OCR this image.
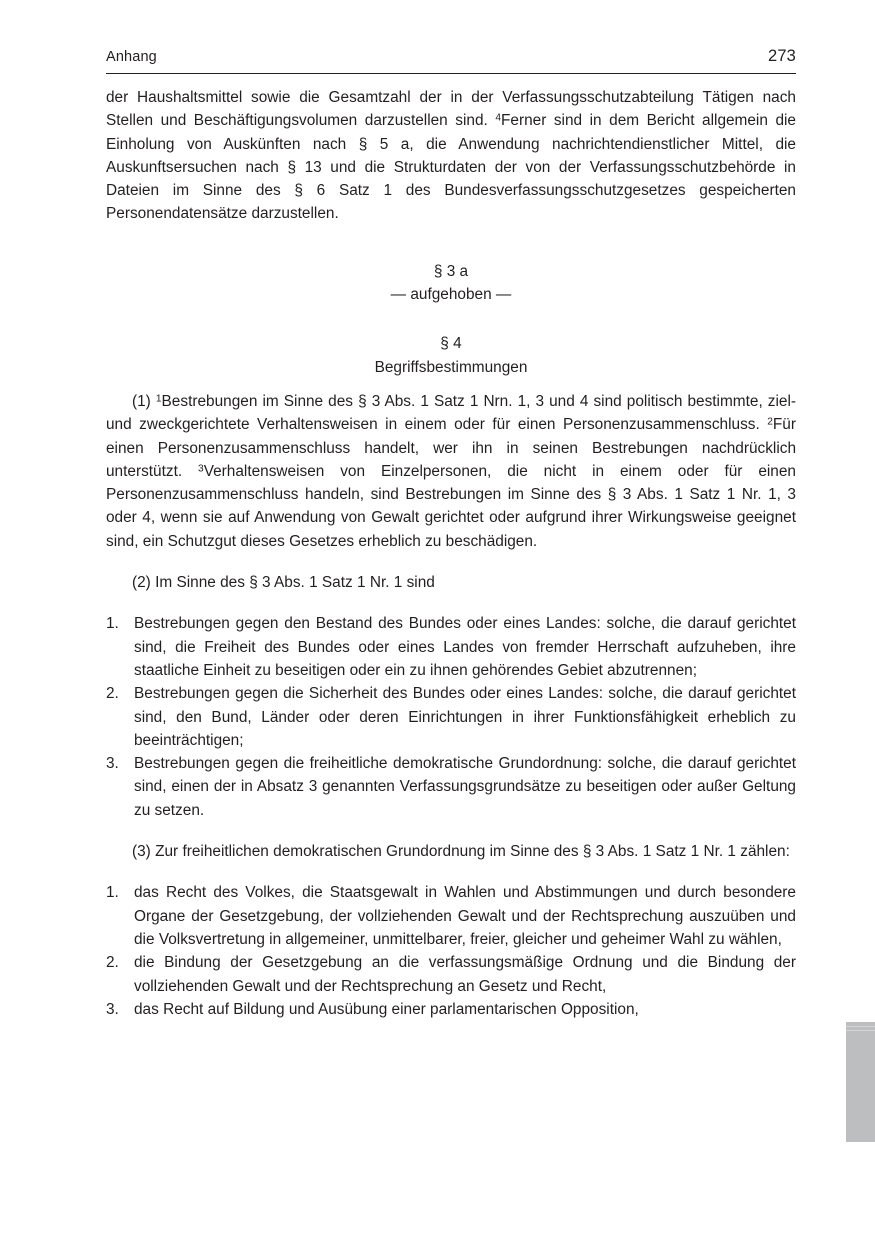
Anhang	273

der Haushaltsmittel sowie die Gesamtzahl der in der Verfassungsschutzabteilung Tätigen nach Stellen und Beschäftigungsvolumen darzustellen sind. $^4$Ferner sind in dem Bericht allgemein die Einholung von Auskünften nach § 5 a, die Anwendung nachrichtendienstlicher Mittel, die Auskunftsersuchen nach § 13 und die Strukturdaten der von der Verfassungsschutzbehörde in Dateien im Sinne des § 6 Satz 1 des Bundesverfassungsschutzgesetzes gespeicherten Personendatensätze darzustellen.

§ 3 a

— aufgehoben —

§ 4

Begriffsbestimmungen

(1) $^1$Bestrebungen im Sinne des § 3 Abs. 1 Satz 1 Nrn. 1, 3 und 4 sind politisch bestimmte, ziel- und zweckgerichtete Verhaltensweisen in einem oder für einen Personenzusammenschluss. $^2$Für einen Personenzusammenschluss handelt, wer ihn in seinen Bestrebungen nachdrücklich unterstützt. $^3$Verhaltensweisen von Einzelpersonen, die nicht in einem oder für einen Personenzusammenschluss handeln, sind Bestrebungen im Sinne des § 3 Abs. 1 Satz 1 Nr. 1, 3 oder 4, wenn sie auf Anwendung von Gewalt gerichtet oder aufgrund ihrer Wirkungsweise geeignet sind, ein Schutzgut dieses Gesetzes erheblich zu beschädigen.

(2) Im Sinne des § 3 Abs. 1 Satz 1 Nr. 1 sind

1. Bestrebungen gegen den Bestand des Bundes oder eines Landes: solche, die darauf gerichtet sind, die Freiheit des Bundes oder eines Landes von fremder Herrschaft aufzuheben, ihre staatliche Einheit zu beseitigen oder ein zu ihnen gehörendes Gebiet abzutrennen;
2. Bestrebungen gegen die Sicherheit des Bundes oder eines Landes: solche, die darauf gerichtet sind, den Bund, Länder oder deren Einrichtungen in ihrer Funktionsfähigkeit erheblich zu beeinträchtigen;
3. Bestrebungen gegen die freiheitliche demokratische Grundordnung: solche, die darauf gerichtet sind, einen der in Absatz 3 genannten Verfassungsgrundsätze zu beseitigen oder außer Geltung zu setzen.

(3) Zur freiheitlichen demokratischen Grundordnung im Sinne des § 3 Abs. 1 Satz 1 Nr. 1 zählen:

1. das Recht des Volkes, die Staatsgewalt in Wahlen und Abstimmungen und durch besondere Organe der Gesetzgebung, der vollziehenden Gewalt und der Rechtsprechung auszuüben und die Volksvertretung in allgemeiner, unmittelbarer, freier, gleicher und geheimer Wahl zu wählen,
2. die Bindung der Gesetzgebung an die verfassungsmäßige Ordnung und die Bindung der vollziehenden Gewalt und der Rechtsprechung an Gesetz und Recht,
3. das Recht auf Bildung und Ausübung einer parlamentarischen Opposition,
